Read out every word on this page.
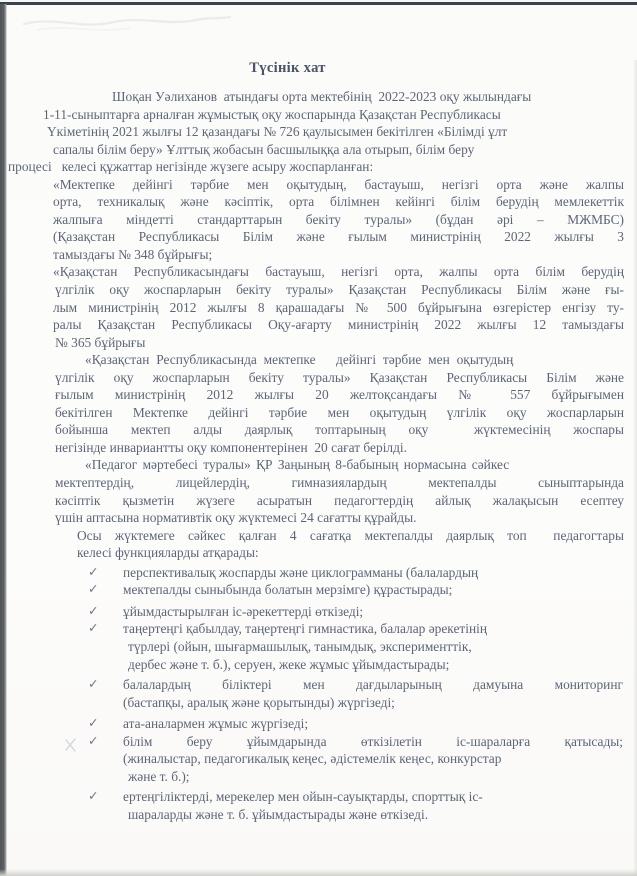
Түсінік хат
Шоқан Уәлиханов  атындағы орта мектебінің  2022-2023 оқу жылындағы
1-11-сыныптарға арналған жұмыстық оқу жоспарында Қазақстан Республикасы
Үкіметінің 2021 жылғы 12 қазандағы № 726 қаулысымен бекітілген «Білімді ұлт
сапалы білім беру» Ұлттық жобасын басшылыққа ала отырып, білім беру
процесі   келесі құжаттар негізінде жүзеге асыру жоспарланған:
«Мектепке дейінгі тәрбие мен оқытудың, бастауыш, негізгі орта және жалпы
орта, техникалық және кәсіптік, орта білімнен кейінгі білім берудің мемлекеттік
жалпыға міндетті стандарттарын бекіту туралы» (бұдан әрі – МЖМБС)
(Қазақстан Республикасы Білім және ғылым министрінің 2022 жылғы 3
тамыздағы № 348 бұйрығы;
«Қазақстан Республикасындағы бастауыш, негізгі орта, жалпы орта білім берудің
үлгілік оқу жоспарларын бекіту туралы» Қазақстан Республикасы Білім және ғы-
лым министрінің 2012 жылғы 8 қарашадағы № 500 бұйрығына өзгерістер енгізу ту-
ралы Қазақстан Республикасы Оқу-ағарту министрінің 2022 жылғы 12 тамыздағы
№ 365 бұйрығы
«Қазақстан Республикасында мектепке   дейінгі тәрбие мен оқытудың
үлгілік оқу жоспарларын бекіту туралы» Қазақстан Республикасы Білім және
ғылым министрінің 2012 жылғы 20 желтоқсандағы № 557 бұйрығымен
бекітілген Мектепке дейінгі тәрбие мен оқытудың үлгілік оқу жоспарларын
бойынша мектеп алды даярлық топтарының оқу  жүктемесінің жоспары
негізінде инвариантты оқу компонентерінен  20 сағат берілді.
«Педагог мәртебесі туралы» ҚР Заңының 8-бабының нормасына сәйкес
мектептердің, лицейлердің, гимназиялардың мектепалды сыныптарында
кәсіптік қызметін жүзеге асыратын педагогтердің айлық жалақысын есептеу
үшін аптасына нормативтік оқу жүктемесі 24 сағатты құрайды.
Осы жүктемеге сәйкес қалған 4 сағатқа мектепалды даярлық топ  педагогтары
келесі функцияларды атқарады:
✓	перспективалық жоспарды және циклограмманы (балалардың
✓	мектепалды сыныбында болатын мерзімге) құрастырады;
✓	ұйымдастырылған іс-әрекеттерді өткізеді;
✓	таңертеңгі қабылдау, таңертеңгі гимнастика, балалар әрекетінің
түрлері (ойын, шығармашылық, танымдық, эксперименттік,
дербес және т. б.), серуен, жеке жұмыс ұйымдастырады;
✓	балалардың біліктері мен дағдыларының дамуына мониторинг
(бастапқы, аралық және қорытынды) жүргізеді;
✓	ата-аналармен жұмыс жүргізеді;
✓	білім беру ұйымдарында өткізілетін іс-шараларға қатысады;
(жиналыстар, педагогикалық кеңес, әдістемелік кеңес, конкурстар
және т. б.);
✓	ертеңгіліктерді, мерекелер мен ойын-сауықтарды, спорттық іс-
шараларды және т. б. ұйымдастырады және өткізеді.
